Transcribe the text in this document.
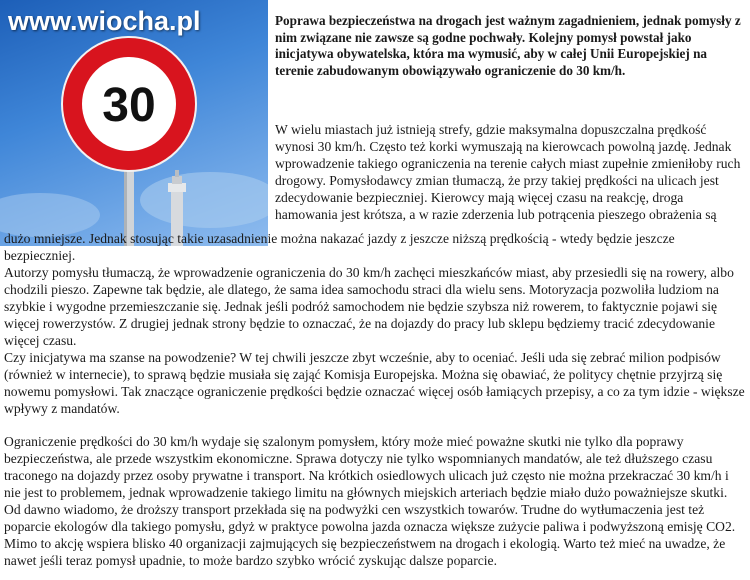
30
www.wiocha.pl	Poprawa bezpieczeństwa na drogach jest ważnym zagadnieniem, jednak pomysły z nim związane nie zawsze są godne pochwały. Kolejny pomysł powstał jako inicjatywa obywatelska, która ma wymusić, aby w całej Unii Europejskiej na terenie zabudowanym obowiązywało ograniczenie do 30 km/h.

W wielu miastach już istnieją strefy, gdzie maksymalna dopuszczalna prędkość wynosi 30 km/h. Często też korki wymuszają na kierowcach powolną jazdę. Jednak wprowadzenie takiego ograniczenia na terenie całych miast zupełnie zmieniłoby ruch drogowy. Pomysłodawcy zmian tłumaczą, że przy takiej prędkości na ulicach jest zdecydowanie bezpieczniej. Kierowcy mają więcej czasu na reakcję, droga hamowania jest krótsza, a w razie zderzenia lub potrącenia pieszego obrażenia są

dużo mniejsze. Jednak stosując takie uzasadnienie można nakazać jazdy z jeszcze niższą prędkością - wtedy będzie jeszcze bezpieczniej.

Autorzy pomysłu tłumaczą, że wprowadzenie ograniczenia do 30 km/h zachęci mieszkańców miast, aby przesiedli się na rowery, albo chodzili pieszo. Zapewne tak będzie, ale dlatego, że sama idea samochodu straci dla wielu sens. Motoryzacja pozwoliła ludziom na szybkie i wygodne przemieszczanie się. Jednak jeśli podróż samochodem nie będzie szybsza niż rowerem, to faktycznie pojawi się więcej rowerzystów. Z drugiej jednak strony będzie to oznaczać, że na dojazdy do pracy lub sklepu będziemy tracić zdecydowanie więcej czasu.

Czy inicjatywa ma szanse na powodzenie? W tej chwili jeszcze zbyt wcześnie, aby to oceniać. Jeśli uda się zebrać milion podpisów (również w internecie), to sprawą będzie musiała się zająć Komisja Europejska. Można się obawiać, że politycy chętnie przyjrzą się nowemu pomysłowi. Tak znaczące ograniczenie prędkości będzie oznaczać więcej osób łamiących przepisy, a co za tym idzie - większe wpływy z mandatów.

Ograniczenie prędkości do 30 km/h wydaje się szalonym pomysłem, który może mieć poważne skutki nie tylko dla poprawy bezpieczeństwa, ale przede wszystkim ekonomiczne. Sprawa dotyczy nie tylko wspomnianych mandatów, ale też dłuższego czasu traconego na dojazdy przez osoby prywatne i transport. Na krótkich osiedlowych ulicach już często nie można przekraczać 30 km/h i nie jest to problemem, jednak wprowadzenie takiego limitu na głównych miejskich arteriach będzie miało dużo poważniejsze skutki. Od dawno wiadomo, że droższy transport przekłada się na podwyżki cen wszystkich towarów. Trudne do wytłumaczenia jest też poparcie ekologów dla takiego pomysłu, gdyż w praktyce powolna jazda oznacza większe zużycie paliwa i podwyższoną emisję CO2. Mimo to akcję wspiera blisko 40 organizacji zajmujących się bezpieczeństwem na drogach i ekologią. Warto też mieć na uwadze, że nawet jeśli teraz pomysł upadnie, to może bardzo szybko wrócić zyskując dalsze poparcie.
